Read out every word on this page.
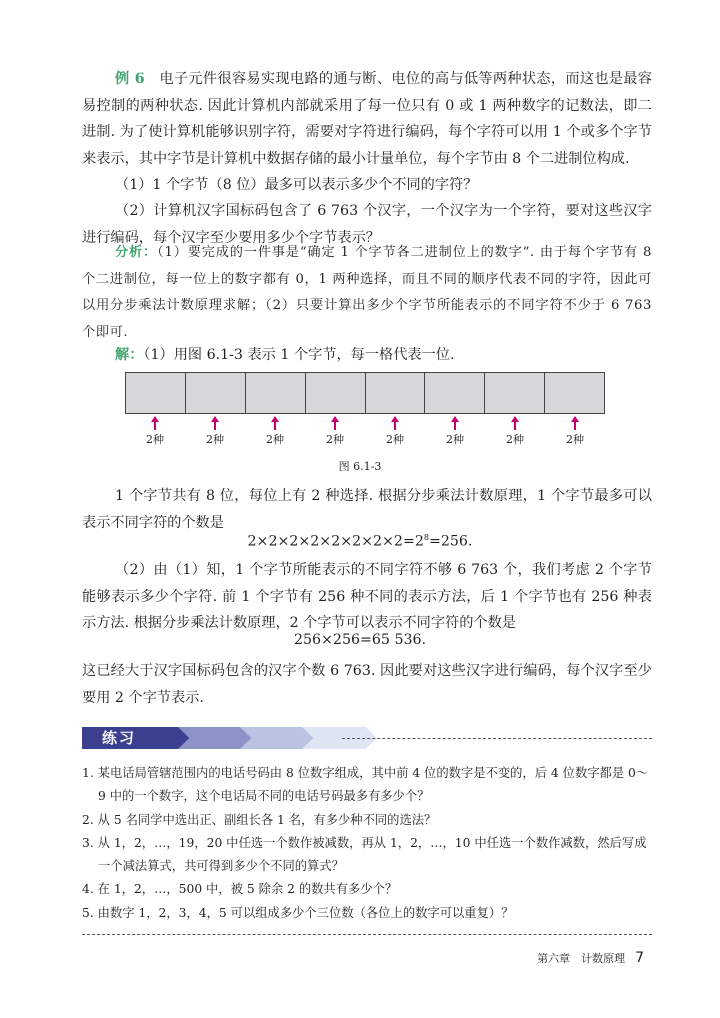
例 6　 电子元件很容易实现电路的通与断、电位的高与低等两种状态，而这也是最容易控制的两种状态. 因此计算机内部就采用了每一位只有 0 或 1 两种数字的记数法，即二进制. 为了使计算机能够识别字符，需要对字符进行编码，每个字符可以用 1 个或多个字节来表示，其中字节是计算机中数据存储的最小计量单位，每个字节由 8 个二进制位构成.
（1）1 个字节（8 位）最多可以表示多少个不同的字符？
（2）计算机汉字国标码包含了 6 763 个汉字，一个汉字为一个字符，要对这些汉字进行编码，每个汉字至少要用多少个字节表示？
分析：（1）要完成的一件事是“确定 1 个字节各二进制位上的数字”. 由于每个字节有 8 个二进制位，每一位上的数字都有 0，1 两种选择，而且不同的顺序代表不同的字符，因此可以用分步乘法计数原理求解；（2）只要计算出多少个字节所能表示的不同字符不少于 6 763 个即可.
解：（1）用图 6.1-3 表示 1 个字节，每一格代表一位.
2种	2种	2种	2种	2种	2种	2种	2种
图 6.1-3
1 个字节共有 8 位，每位上有 2 种选择. 根据分步乘法计数原理，1 个字节最多可以表示不同字符的个数是
$2\times 2\times 2\times 2\times 2\times 2\times 2\times 2=2^8=256$.
（2）由（1）知，1 个字节所能表示的不同字符不够 6 763 个，我们考虑 2 个字节能够表示多少个字符. 前 1 个字节有 256 种不同的表示方法，后 1 个字节也有 256 种表示方法. 根据分步乘法计数原理，2 个字节可以表示不同字符的个数是
256×256=65 536.
这已经大于汉字国标码包含的汉字个数 6 763. 因此要对这些汉字进行编码，每个汉字至少要用 2 个字节表示.
练习
1. 某电话局管辖范围内的电话号码由 8 位数字组成，其中前 4 位的数字是不变的，后 4 位数字都是 0～9 中的一个数字，这个电话局不同的电话号码最多有多少个？
2. 从 5 名同学中选出正、副组长各 1 名，有多少种不同的选法？
3. 从 1，2，…，19，20 中任选一个数作被减数，再从 1，2，…，10 中任选一个数作减数，然后写成一个减法算式，共可得到多少个不同的算式？
4. 在 1，2，…，500 中，被 5 除余 2 的数共有多少个？
5. 由数字 1，2，3，4，5 可以组成多少个三位数（各位上的数字可以重复）？
第六章　计数原理 7
